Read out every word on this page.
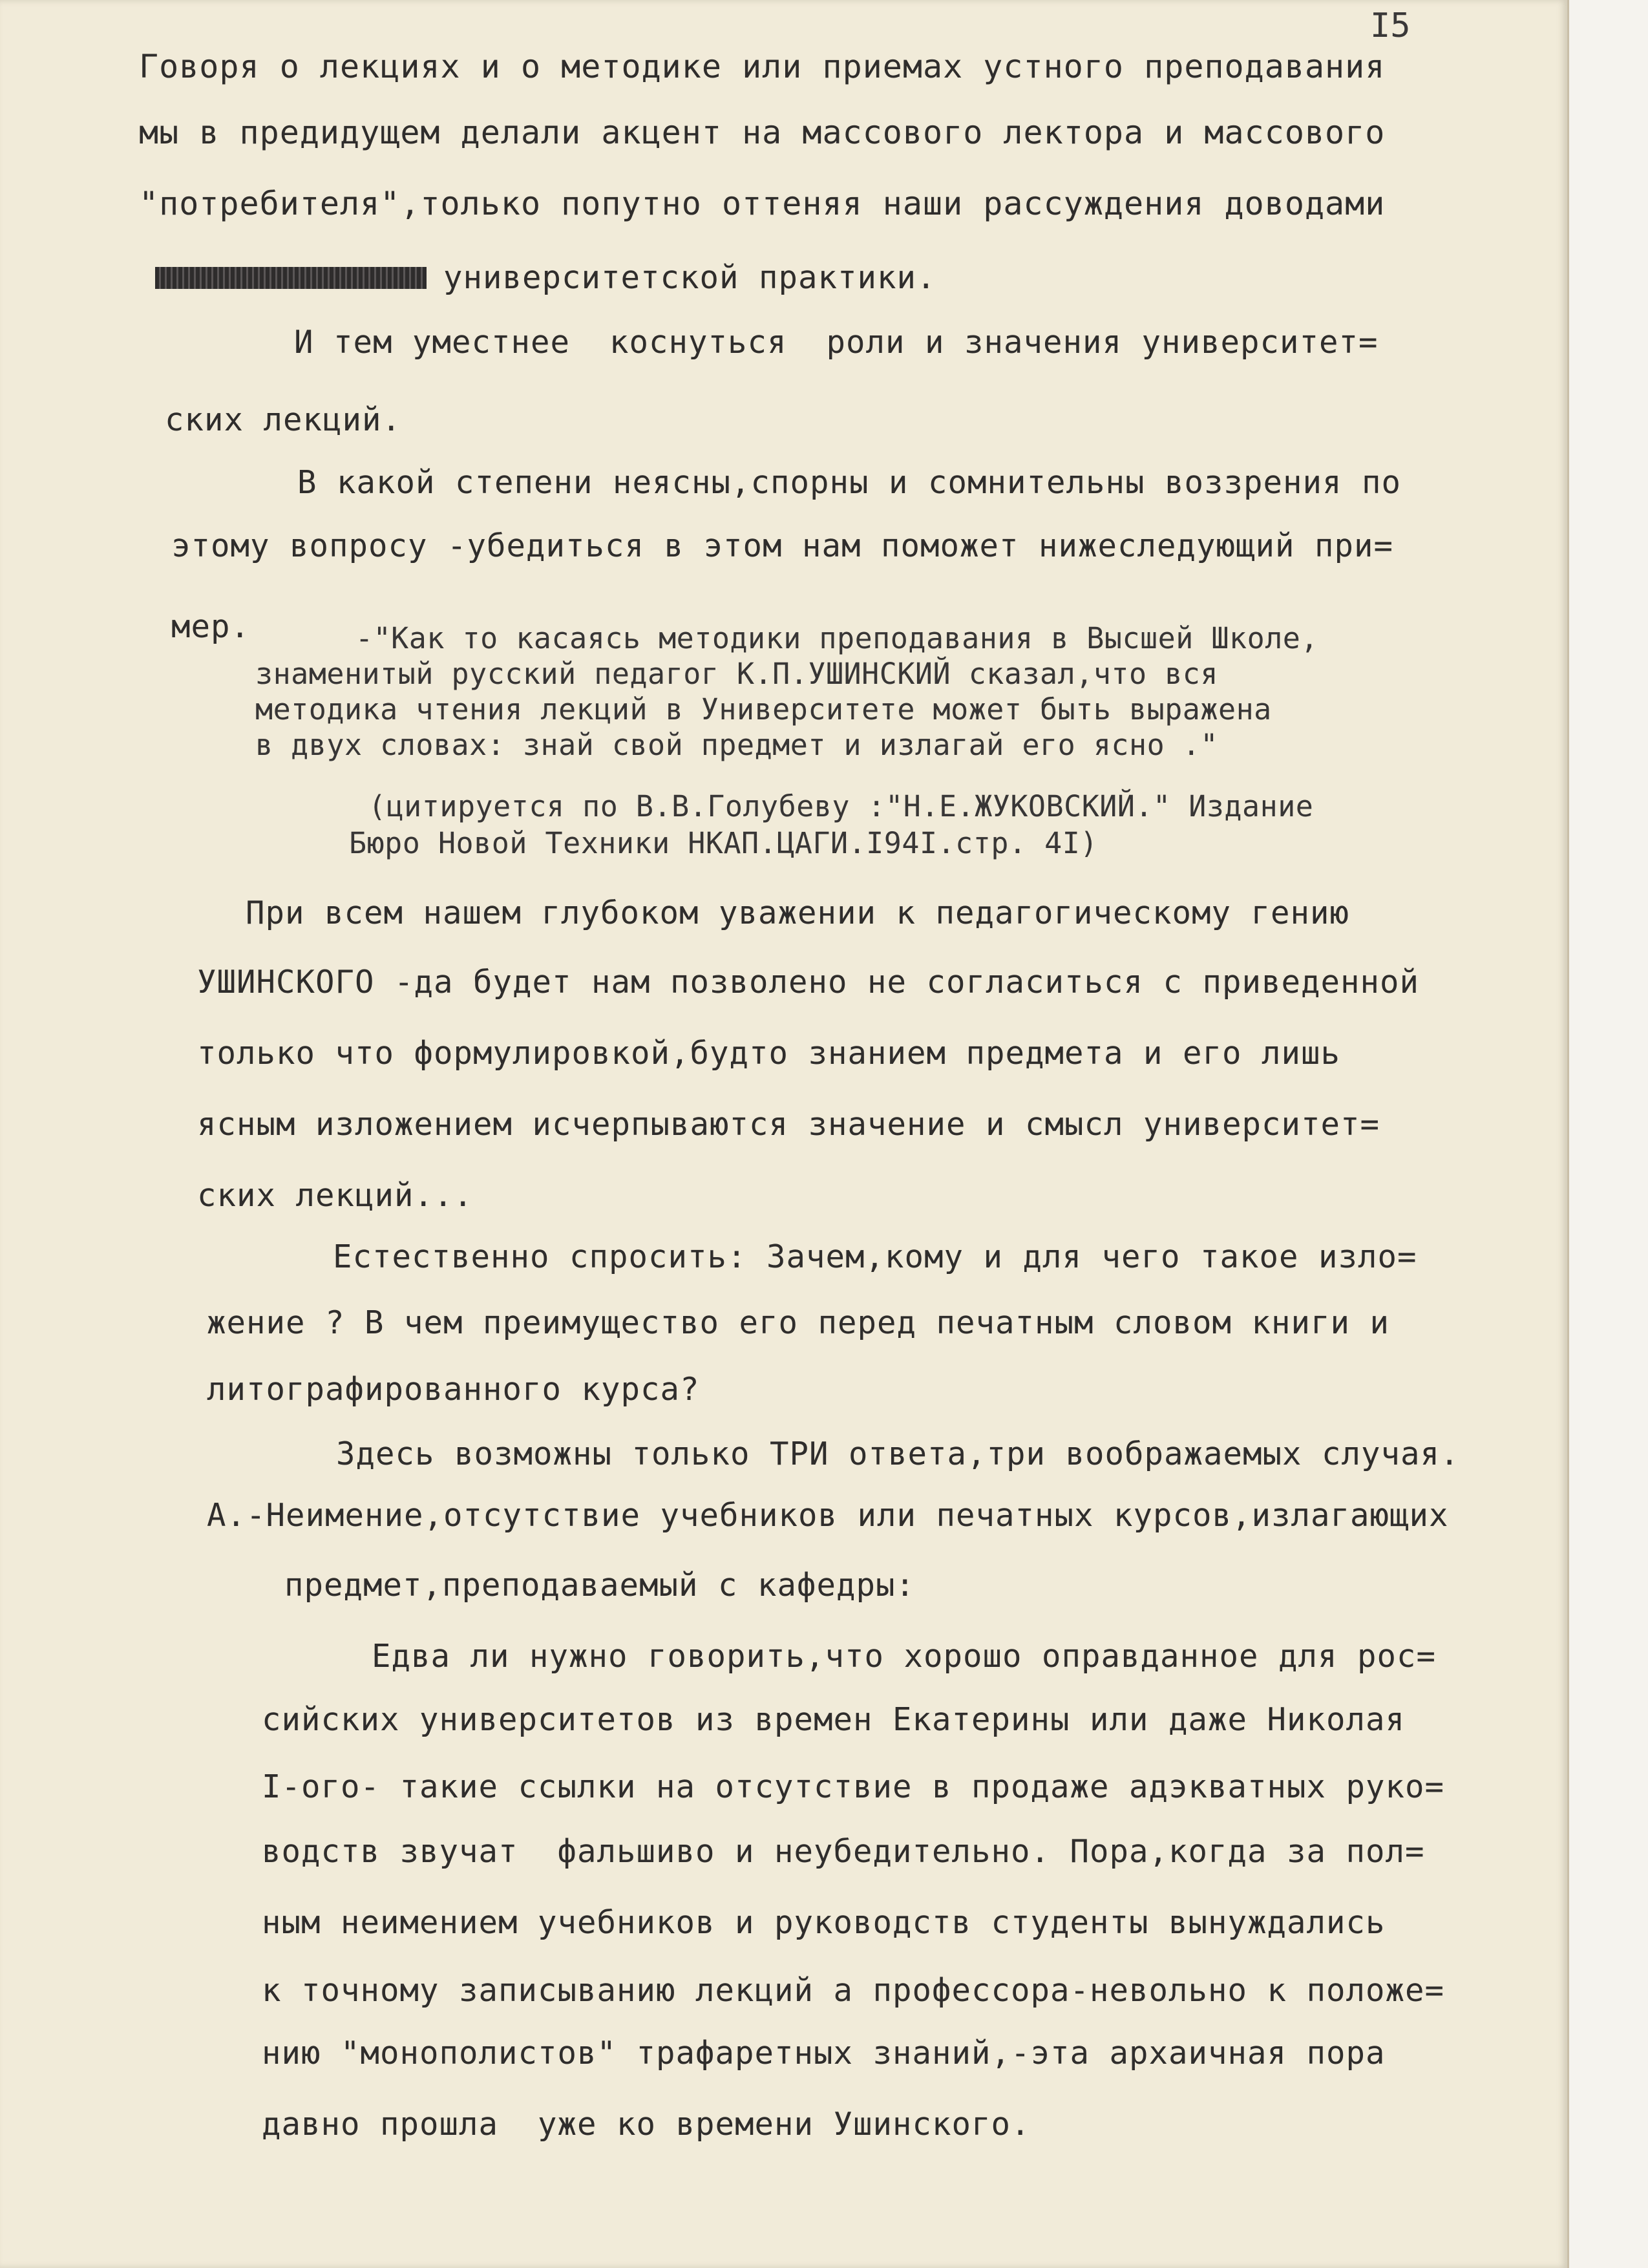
I5
Говоря о лекциях и о методике или приемах устного преподавания
мы в предидущем делали акцент на массового лектора и массового
"потребителя",только попутно оттеняя наши рассуждения доводами
университетской практики.
И тем уместнее  коснуться  роли и значения университет=
ских лекций.
В какой степени неясны,спорны и сомнительны воззрения по
этому вопросу -убедиться в этом нам поможет нижеследующий при=
мер.	-"Как то касаясь методики преподавания в Высшей Школе,
знаменитый русский педагог К.П.УШИНСКИЙ сказал,что вся
методика чтения лекций в Университете может быть выражена
в двух словах: знай свой предмет и излагай его ясно ."
(цитируется по В.В.Голубеву :"Н.Е.ЖУКОВСКИЙ." Издание
Бюро Новой Техники НКАП.ЦАГИ.I94I.стр. 4I)
При всем нашем глубоком уважении к педагогическому гению
УШИНСКОГО -да будет нам позволено не согласиться с приведенной
только что формулировкой,будто знанием предмета и его лишь
ясным изложением исчерпываются значение и смысл университет=
ских лекций...
Естественно спросить: Зачем,кому и для чего такое изло=
жение ? В чем преимущество его перед печатным словом книги и
литографированного курса?
Здесь возможны только ТРИ ответа,три воображаемых случая.
А.-Неимение,отсутствие учебников или печатных курсов,излагающих
предмет,преподаваемый с кафедры:
Едва ли нужно говорить,что хорошо оправданное для рос=
сийских университетов из времен Екатерины или даже Николая
I-ого- такие ссылки на отсутствие в продаже адэкватных руко=
водств звучат  фальшиво и неубедительно. Пора,когда за пол=
ным неимением учебников и руководств студенты вынуждались
к точному записыванию лекций а профессора-невольно к положе=
нию "монополистов" трафаретных знаний,-эта архаичная пора
давно прошла  уже ко времени Ушинского.
